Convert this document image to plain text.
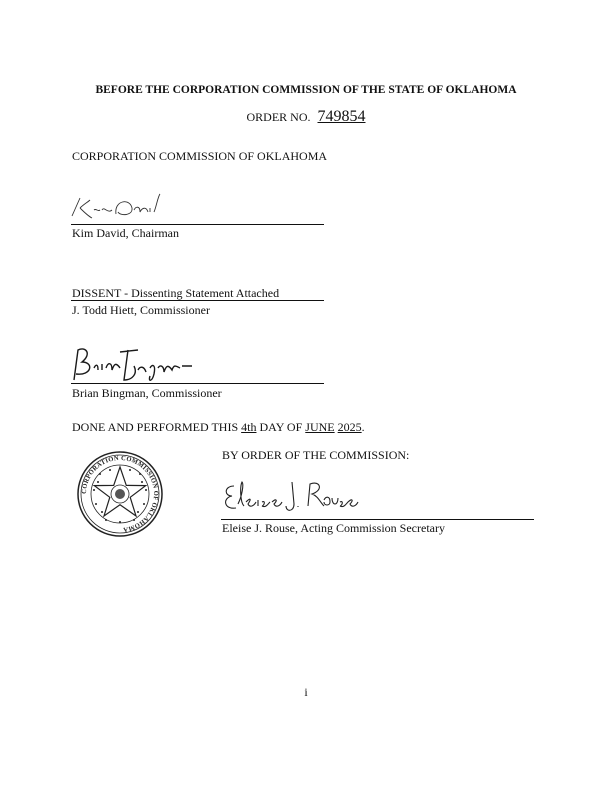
BEFORE THE CORPORATION COMMISSION OF THE STATE OF OKLAHOMA
ORDER NO. 749854
CORPORATION COMMISSION OF OKLAHOMA
Kim David, Chairman
DISSENT - Dissenting Statement Attached
J. Todd Hiett, Commissioner
Brian Bingman, Commissioner
DONE AND PERFORMED THIS 4th DAY OF JUNE 2025.
CORPORATION COMMISSION OF OKLAHOMA
BY ORDER OF THE COMMISSION:
Eleise J. Rouse, Acting Commission Secretary
i
